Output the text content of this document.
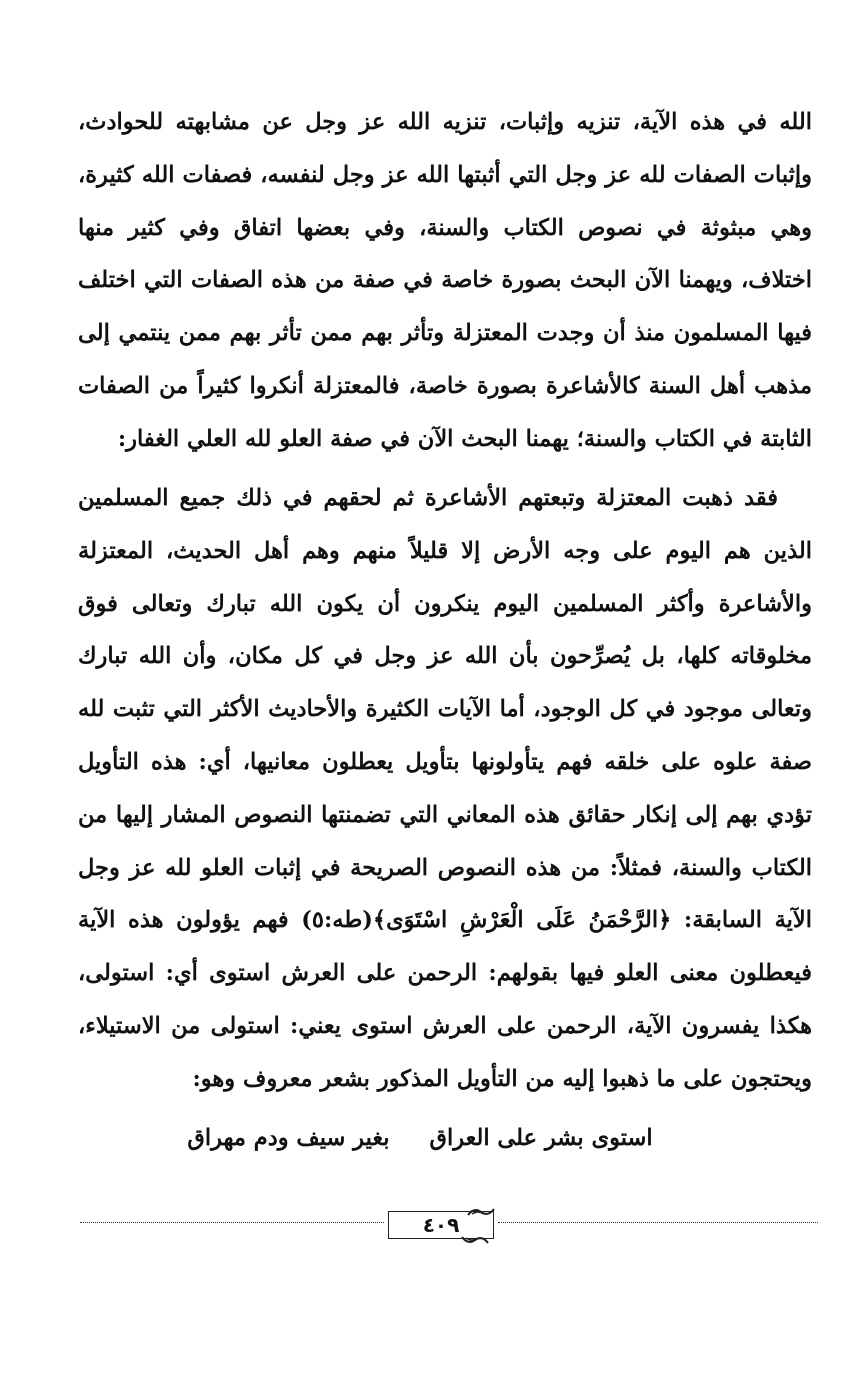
الله في هذه الآية، تنزيه وإثبات، تنزيه الله عز وجل عن مشابهته للحوادث، وإثبات الصفات لله عز وجل التي أثبتها الله عز وجل لنفسه، فصفات الله كثيرة، وهي مبثوثة في نصوص الكتاب والسنة، وفي بعضها اتفاق وفي كثير منها اختلاف، ويهمنا الآن البحث بصورة خاصة في صفة من هذه الصفات التي اختلف فيها المسلمون منذ أن وجدت المعتزلة وتأثر بهم ممن تأثر بهم ممن ينتمي إلى مذهب أهل السنة كالأشاعرة بصورة خاصة، فالمعتزلة أنكروا كثيراً من الصفات الثابتة في الكتاب والسنة؛ يهمنا البحث الآن في صفة العلو لله العلي الغفار:

فقد ذهبت المعتزلة وتبعتهم الأشاعرة ثم لحقهم في ذلك جميع المسلمين الذين هم اليوم على وجه الأرض إلا قليلاً منهم وهم أهل الحديث، المعتزلة والأشاعرة وأكثر المسلمين اليوم ينكرون أن يكون الله تبارك وتعالى فوق مخلوقاته كلها، بل يُصرِّحون بأن الله عز وجل في كل مكان، وأن الله تبارك وتعالى موجود في كل الوجود، أما الآيات الكثيرة والأحاديث الأكثر التي تثبت لله صفة علوه على خلقه فهم يتأولونها بتأويل يعطلون معانيها، أي: هذه التأويل تؤدي بهم إلى إنكار حقائق هذه المعاني التي تضمنتها النصوص المشار إليها من الكتاب والسنة، فمثلاً: من هذه النصوص الصريحة في إثبات العلو لله عز وجل الآية السابقة: ﴿الرَّحْمَنُ عَلَى الْعَرْشِ اسْتَوَى﴾(طه:٥) فهم يؤولون هذه الآية فيعطلون معنى العلو فيها بقولهم: الرحمن على العرش استوى أي: استولى، هكذا يفسرون الآية، الرحمن على العرش استوى يعني: استولى من الاستيلاء، ويحتجون على ما ذهبوا إليه من التأويل المذكور بشعر معروف وهو:

استوى بشر على العراق
بغير سيف ودم مهراق
٤٠٩
